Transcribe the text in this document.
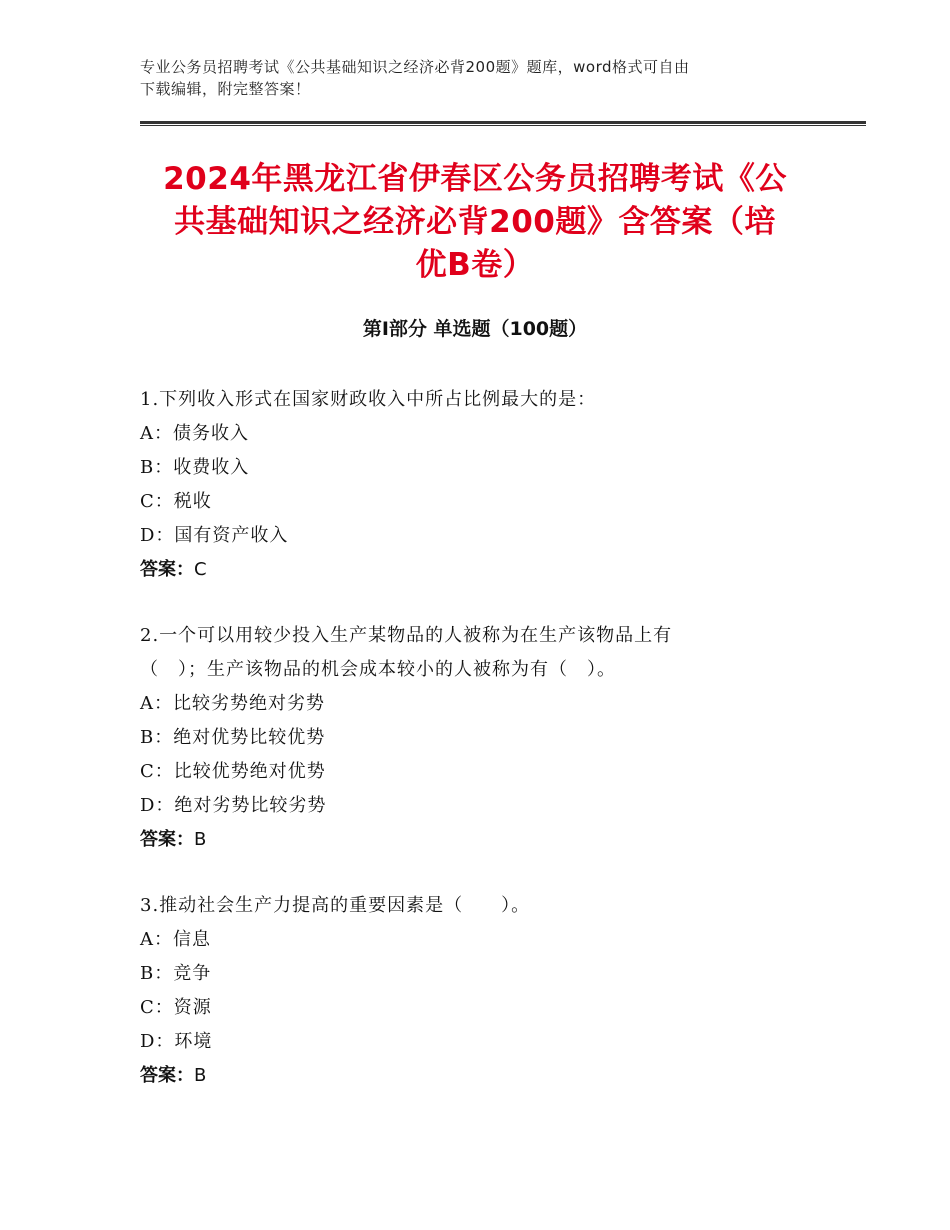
专业公务员招聘考试《公共基础知识之经济必背200题》题库，word格式可自由
下载编辑，附完整答案！
2024年黑龙江省伊春区公务员招聘考试《公
共基础知识之经济必背200题》含答案（培
优B卷）
第Ⅰ部分 单选题（100题）
1.下列收入形式在国家财政收入中所占比例最大的是：
A：债务收入
B：收费收入
C：税收
D：国有资产收入
答案：C
2.一个可以用较少投入生产某物品的人被称为在生产该物品上有
（　）；生产该物品的机会成本较小的人被称为有（　）。
A：比较劣势绝对劣势
B：绝对优势比较优势
C：比较优势绝对优势
D：绝对劣势比较劣势
答案：B
3.推动社会生产力提高的重要因素是（　　）。
A：信息
B：竞争
C：资源
D：环境
答案：B
